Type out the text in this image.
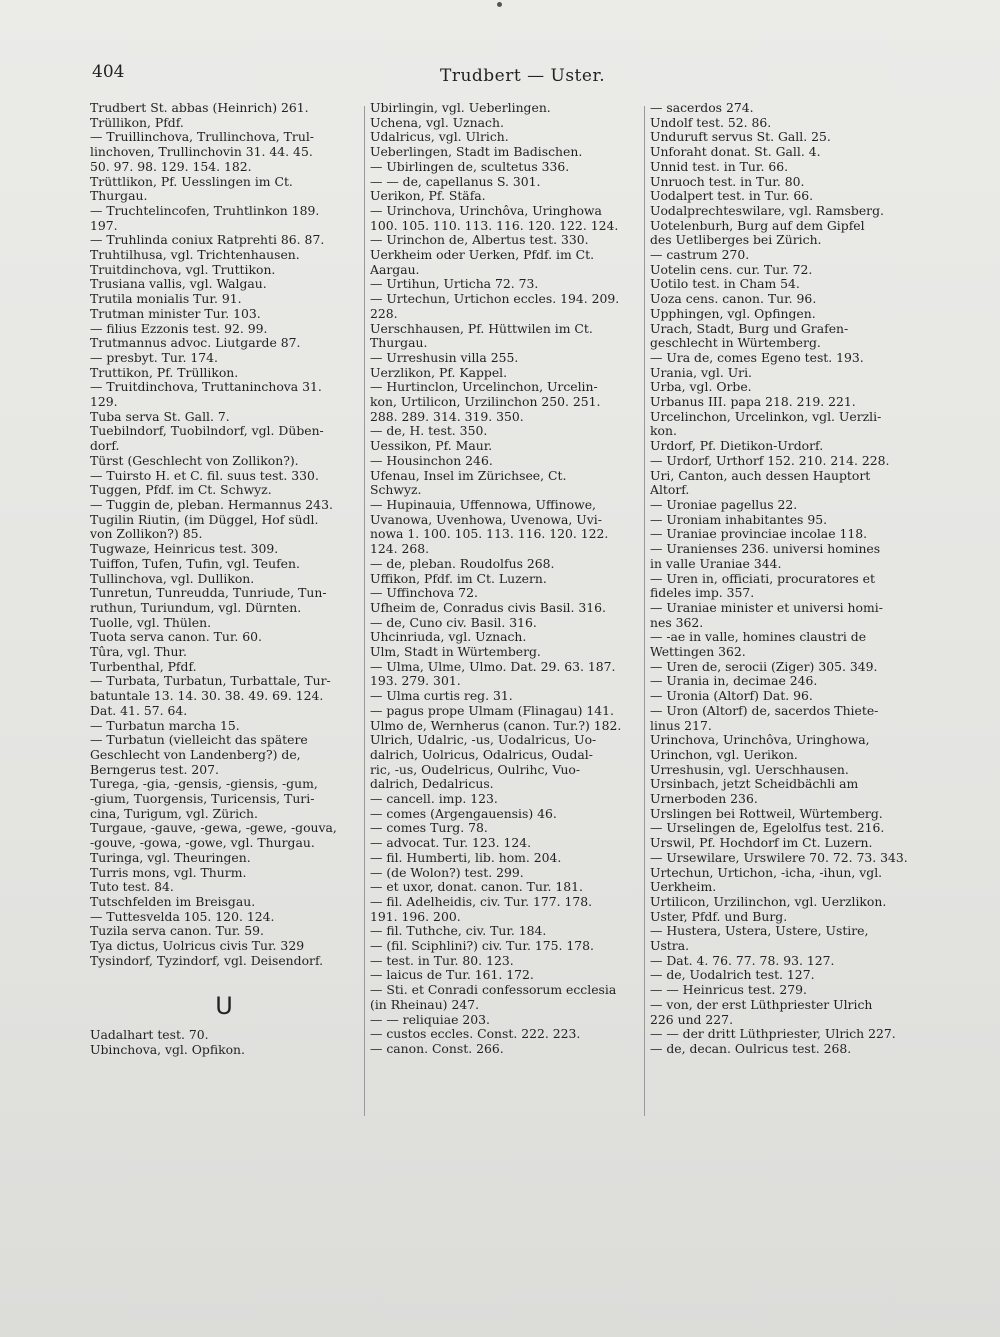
404	Trudbert — Uster.
Trudbert St. abbas (Heinrich) 261.
Trüllikon, Pfdf.
— Truillinchova, Trullinchova, Trul-
linchoven, Trullinchovin 31. 44. 45.
50. 97. 98. 129. 154. 182.
Trüttlikon, Pf. Uesslingen im Ct.
Thurgau.
— Truchtelincofen, Truhtlinkon 189.
197.
— Truhlinda coniux Ratprehti 86. 87.
Truhtilhusa, vgl. Trichtenhausen.
Truitdinchova, vgl. Truttikon.
Trusiana vallis, vgl. Walgau.
Trutila monialis Tur. 91.
Trutman minister Tur. 103.
— filius Ezzonis test. 92. 99.
Trutmannus advoc. Liutgarde 87.
— presbyt. Tur. 174.
Truttikon, Pf. Trüllikon.
— Truitdinchova, Truttaninchova 31.
129.
Tuba serva St. Gall. 7.
Tuebilndorf, Tuobilndorf, vgl. Düben-
dorf.
Türst (Geschlecht von Zollikon?).
— Tuirsto H. et C. fil. suus test. 330.
Tuggen, Pfdf. im Ct. Schwyz.
— Tuggin de, pleban. Hermannus 243.
Tugilin Riutin, (im Düggel, Hof südl.
von Zollikon?) 85.
Tugwaze, Heinricus test. 309.
Tuiffon, Tufen, Tufin, vgl. Teufen.
Tullinchova, vgl. Dullikon.
Tunretun, Tunreudda, Tunriude, Tun-
ruthun, Turiundum, vgl. Dürnten.
Tuolle, vgl. Thülen.
Tuota serva canon. Tur. 60.
Tûra, vgl. Thur.
Turbenthal, Pfdf.
— Turbata, Turbatun, Turbattale, Tur-
batuntale 13. 14. 30. 38. 49. 69. 124.
Dat. 41. 57. 64.
— Turbatun marcha 15.
— Turbatun (vielleicht das spätere
Geschlecht von Landenberg?) de,
Berngerus test. 207.
Turega, -gia, -gensis, -giensis, -gum,
-gium, Tuorgensis, Turicensis, Turi-
cina, Turigum, vgl. Zürich.
Turgaue, -gauve, -gewa, -gewe, -gouva,
-gouve, -gowa, -gowe, vgl. Thurgau.
Turinga, vgl. Theuringen.
Turris mons, vgl. Thurm.
Tuto test. 84.
Tutschfelden im Breisgau.
— Tuttesvelda 105. 120. 124.
Tuzila serva canon. Tur. 59.
Tya dictus, Uolricus civis Tur. 329
Tysindorf, Tyzindorf, vgl. Deisendorf.
U
Uadalhart test. 70.
Ubinchova, vgl. Opfikon.
Ubirlingin, vgl. Ueberlingen.
Uchena, vgl. Uznach.
Udalricus, vgl. Ulrich.
Ueberlingen, Stadt im Badischen.
— Ubirlingen de, scultetus 336.
— — de, capellanus S. 301.
Uerikon, Pf. Stäfa.
— Urinchova, Urinchôva, Uringhowa
100. 105. 110. 113. 116. 120. 122. 124.
— Urinchon de, Albertus test. 330.
Uerkheim oder Uerken, Pfdf. im Ct.
Aargau.
— Urtihun, Urticha 72. 73.
— Urtechun, Urtichon eccles. 194. 209.
228.
Uerschhausen, Pf. Hüttwilen im Ct.
Thurgau.
— Urreshusin villa 255.
Uerzlikon, Pf. Kappel.
— Hurtinclon, Urcelinchon, Urcelin-
kon, Urtilicon, Urzilinchon 250. 251.
288. 289. 314. 319. 350.
— de, H. test. 350.
Uessikon, Pf. Maur.
— Housinchon 246.
Ufenau, Insel im Zürichsee, Ct.
Schwyz.
— Hupinauia, Uffennowa, Uffinowe,
Uvanowa, Uvenhowa, Uvenowa, Uvi-
nowa 1. 100. 105. 113. 116. 120. 122.
124. 268.
— de, pleban. Roudolfus 268.
Uffikon, Pfdf. im Ct. Luzern.
— Uffinchova 72.
Ufheim de, Conradus civis Basil. 316.
— de, Cuno civ. Basil. 316.
Uhcinriuda, vgl. Uznach.
Ulm, Stadt in Würtemberg.
— Ulma, Ulme, Ulmo. Dat. 29. 63. 187.
193. 279. 301.
— Ulma curtis reg. 31.
— pagus prope Ulmam (Flinagau) 141.
Ulmo de, Wernherus (canon. Tur.?) 182.
Ulrich, Udalric, -us, Uodalricus, Uo-
dalrich, Uolricus, Odalricus, Oudal-
ric, -us, Oudelricus, Oulrihc, Vuo-
dalrich, Dedalricus.
— cancell. imp. 123.
— comes (Argengauensis) 46.
— comes Turg. 78.
— advocat. Tur. 123. 124.
— fil. Humberti, lib. hom. 204.
— (de Wolon?) test. 299.
— et uxor, donat. canon. Tur. 181.
— fil. Adelheidis, civ. Tur. 177. 178.
191. 196. 200.
— fil. Tuthche, civ. Tur. 184.
— (fil. Sciphlini?) civ. Tur. 175. 178.
— test. in Tur. 80. 123.
— laicus de Tur. 161. 172.
— Sti. et Conradi confessorum ecclesia
(in Rheinau) 247.
— — reliquiae 203.
— custos eccles. Const. 222. 223.
— canon. Const. 266.
— sacerdos 274.
Undolf test. 52. 86.
Unduruft servus St. Gall. 25.
Unforaht donat. St. Gall. 4.
Unnid test. in Tur. 66.
Unruoch test. in Tur. 80.
Uodalpert test. in Tur. 66.
Uodalprechteswilare, vgl. Ramsberg.
Uotelenburh, Burg auf dem Gipfel
des Uetliberges bei Zürich.
— castrum 270.
Uotelin cens. cur. Tur. 72.
Uotilo test. in Cham 54.
Uoza cens. canon. Tur. 96.
Upphingen, vgl. Opfingen.
Urach, Stadt, Burg und Grafen-
geschlecht in Würtemberg.
— Ura de, comes Egeno test. 193.
Urania, vgl. Uri.
Urba, vgl. Orbe.
Urbanus III. papa 218. 219. 221.
Urcelinchon, Urcelinkon, vgl. Uerzli-
kon.
Urdorf, Pf. Dietikon-Urdorf.
— Urdorf, Urthorf 152. 210. 214. 228.
Uri, Canton, auch dessen Hauptort
Altorf.
— Uroniae pagellus 22.
— Uroniam inhabitantes 95.
— Uraniae provinciae incolae 118.
— Uranienses 236. universi homines
in valle Uraniae 344.
— Uren in, officiati, procuratores et
fideles imp. 357.
— Uraniae minister et universi homi-
nes 362.
— -ae in valle, homines claustri de
Wettingen 362.
— Uren de, serocii (Ziger) 305. 349.
— Urania in, decimae 246.
— Uronia (Altorf) Dat. 96.
— Uron (Altorf) de, sacerdos Thiete-
linus 217.
Urinchova, Urinchôva, Uringhowa,
Urinchon, vgl. Uerikon.
Urreshusin, vgl. Uerschhausen.
Ursinbach, jetzt Scheidbächli am
Urnerboden 236.
Urslingen bei Rottweil, Würtemberg.
— Urselingen de, Egelolfus test. 216.
Urswil, Pf. Hochdorf im Ct. Luzern.
— Ursewilare, Urswilere 70. 72. 73. 343.
Urtechun, Urtichon, -icha, -ihun, vgl.
Uerkheim.
Urtilicon, Urzilinchon, vgl. Uerzlikon.
Uster, Pfdf. und Burg.
— Hustera, Ustera, Ustere, Ustire,
Ustra.
— Dat. 4. 76. 77. 78. 93. 127.
— de, Uodalrich test. 127.
— — Heinricus test. 279.
— von, der erst Lüthpriester Ulrich
226 und 227.
— — der dritt Lüthpriester, Ulrich 227.
— de, decan. Oulricus test. 268.
